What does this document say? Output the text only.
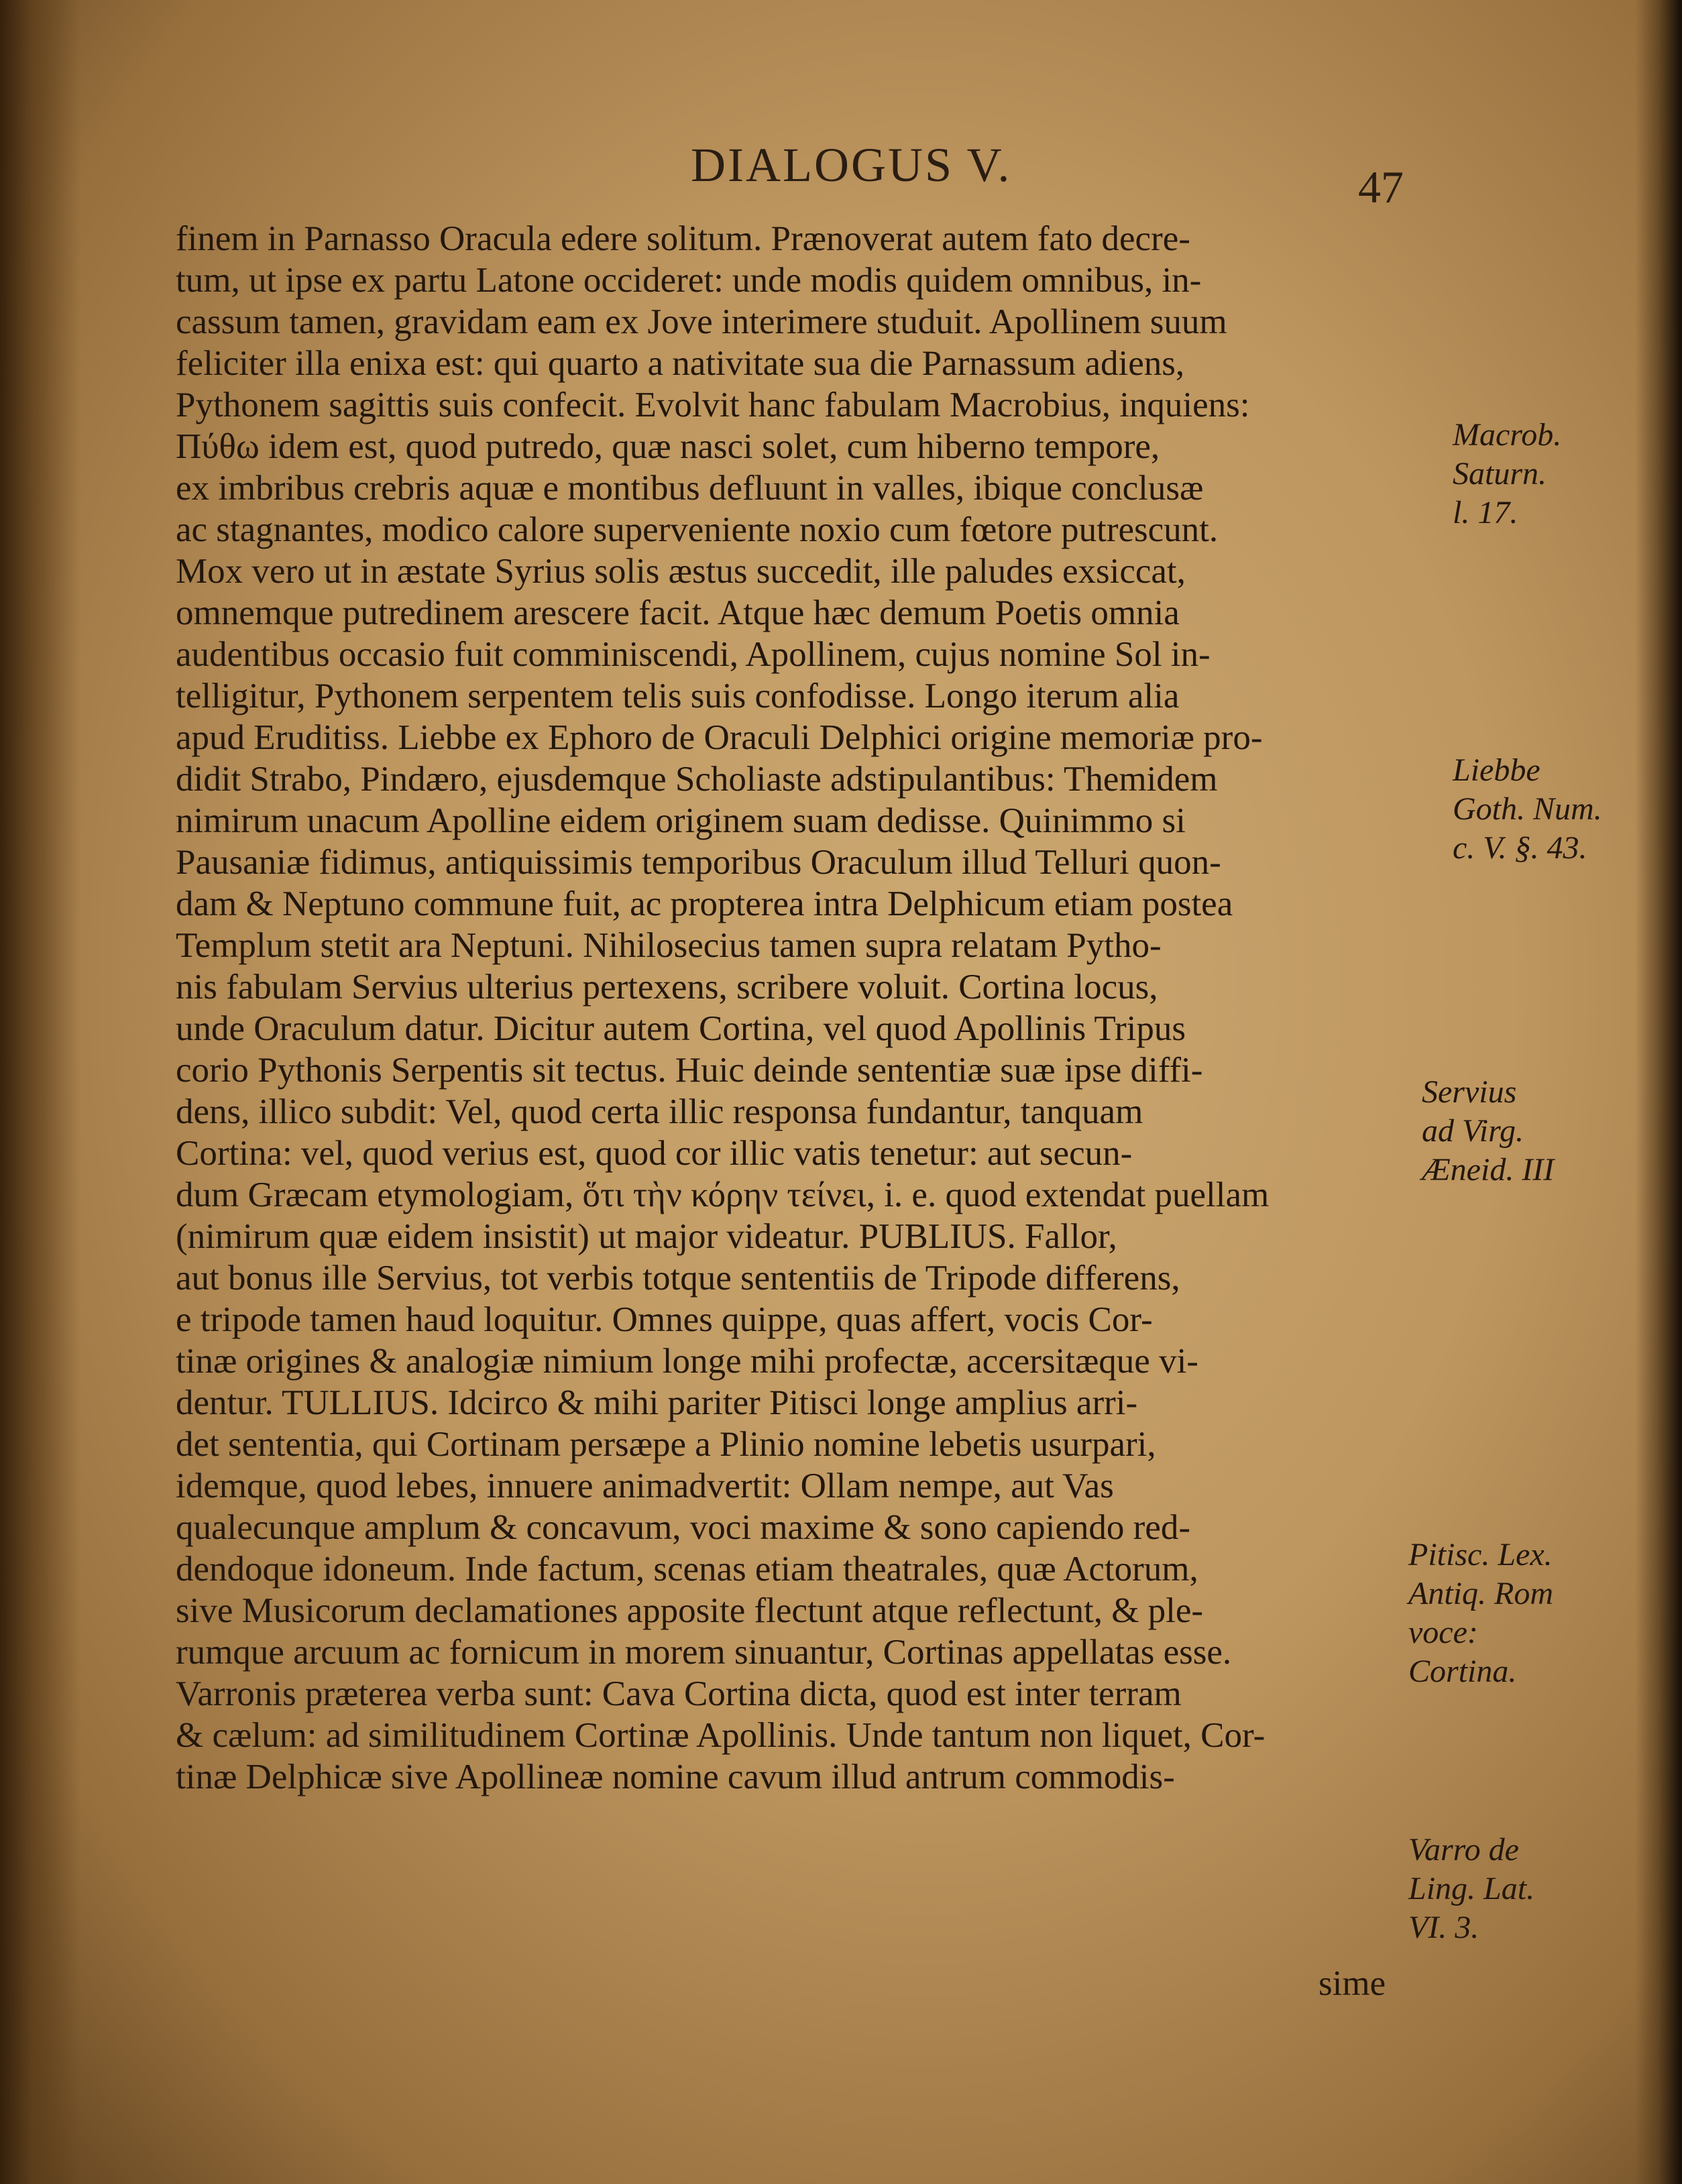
DIALOGUS V.	47
finem in Parnasso Oracula edere solitum. Prænoverat autem fato decre-
tum, ut ipse ex partu Latone occideret: unde modis quidem omnibus, in-
cassum tamen, gravidam eam ex Jove interimere studuit. Apollinem suum
feliciter illa enixa est: qui quarto a nativitate sua die Parnassum adiens,
Pythonem sagittis suis confecit. Evolvit hanc fabulam Macrobius, inquiens:
Πύθω idem est, quod putredo, quæ nasci solet, cum hiberno tempore,
ex imbribus crebris aquæ e montibus defluunt in valles, ibique conclusæ
ac stagnantes, modico calore superveniente noxio cum fœtore putrescunt.
Mox vero ut in æstate Syrius solis æstus succedit, ille paludes exsiccat,
omnemque putredinem arescere facit. Atque hæc demum Poetis omnia
audentibus occasio fuit comminiscendi, Apollinem, cujus nomine Sol in-
telligitur, Pythonem serpentem telis suis confodisse. Longo iterum alia
apud Eruditiss. Liebbe ex Ephoro de Oraculi Delphici origine memoriæ pro-
didit Strabo, Pindæro, ejusdemque Scholiaste adstipulantibus: Themidem
nimirum unacum Apolline eidem originem suam dedisse. Quinimmo si
Pausaniæ fidimus, antiquissimis temporibus Oraculum illud Telluri quon-
dam & Neptuno commune fuit, ac propterea intra Delphicum etiam postea
Templum stetit ara Neptuni. Nihilosecius tamen supra relatam Pytho-
nis fabulam Servius ulterius pertexens, scribere voluit. Cortina locus,
unde Oraculum datur. Dicitur autem Cortina, vel quod Apollinis Tripus
corio Pythonis Serpentis sit tectus. Huic deinde sententiæ suæ ipse diffi-
dens, illico subdit: Vel, quod certa illic responsa fundantur, tanquam
Cortina: vel, quod verius est, quod cor illic vatis tenetur: aut secun-
dum Græcam etymologiam, ὅτι τὴν κόρην τείνει, i. e. quod extendat puellam
(nimirum quæ eidem insistit) ut major videatur. PUBLIUS. Fallor,
aut bonus ille Servius, tot verbis totque sententiis de Tripode differens,
e tripode tamen haud loquitur. Omnes quippe, quas affert, vocis Cor-
tinæ origines & analogiæ nimium longe mihi profectæ, accersitæque vi-
dentur. TULLIUS. Idcirco & mihi pariter Pitisci longe amplius arri-
det sententia, qui Cortinam persæpe a Plinio nomine lebetis usurpari,
idemque, quod lebes, innuere animadvertit: Ollam nempe, aut Vas
qualecunque amplum & concavum, voci maxime & sono capiendo red-
dendoque idoneum. Inde factum, scenas etiam theatrales, quæ Actorum,
sive Musicorum declamationes apposite flectunt atque reflectunt, & ple-
rumque arcuum ac fornicum in morem sinuantur, Cortinas appellatas esse.
Varronis præterea verba sunt: Cava Cortina dicta, quod est inter terram
& cælum: ad similitudinem Cortinæ Apollinis. Unde tantum non liquet, Cor-
tinæ Delphicæ sive Apollineæ nomine cavum illud antrum commodis-
sime
Macrob.
Saturn.
l. 17.
Liebbe
Goth. Num.
c. V. §. 43.
Servius
ad Virg.
Æneid. III
Pitisc. Lex.
Antiq. Rom
voce:
Cortina.
Varro de
Ling. Lat.
VI. 3.
